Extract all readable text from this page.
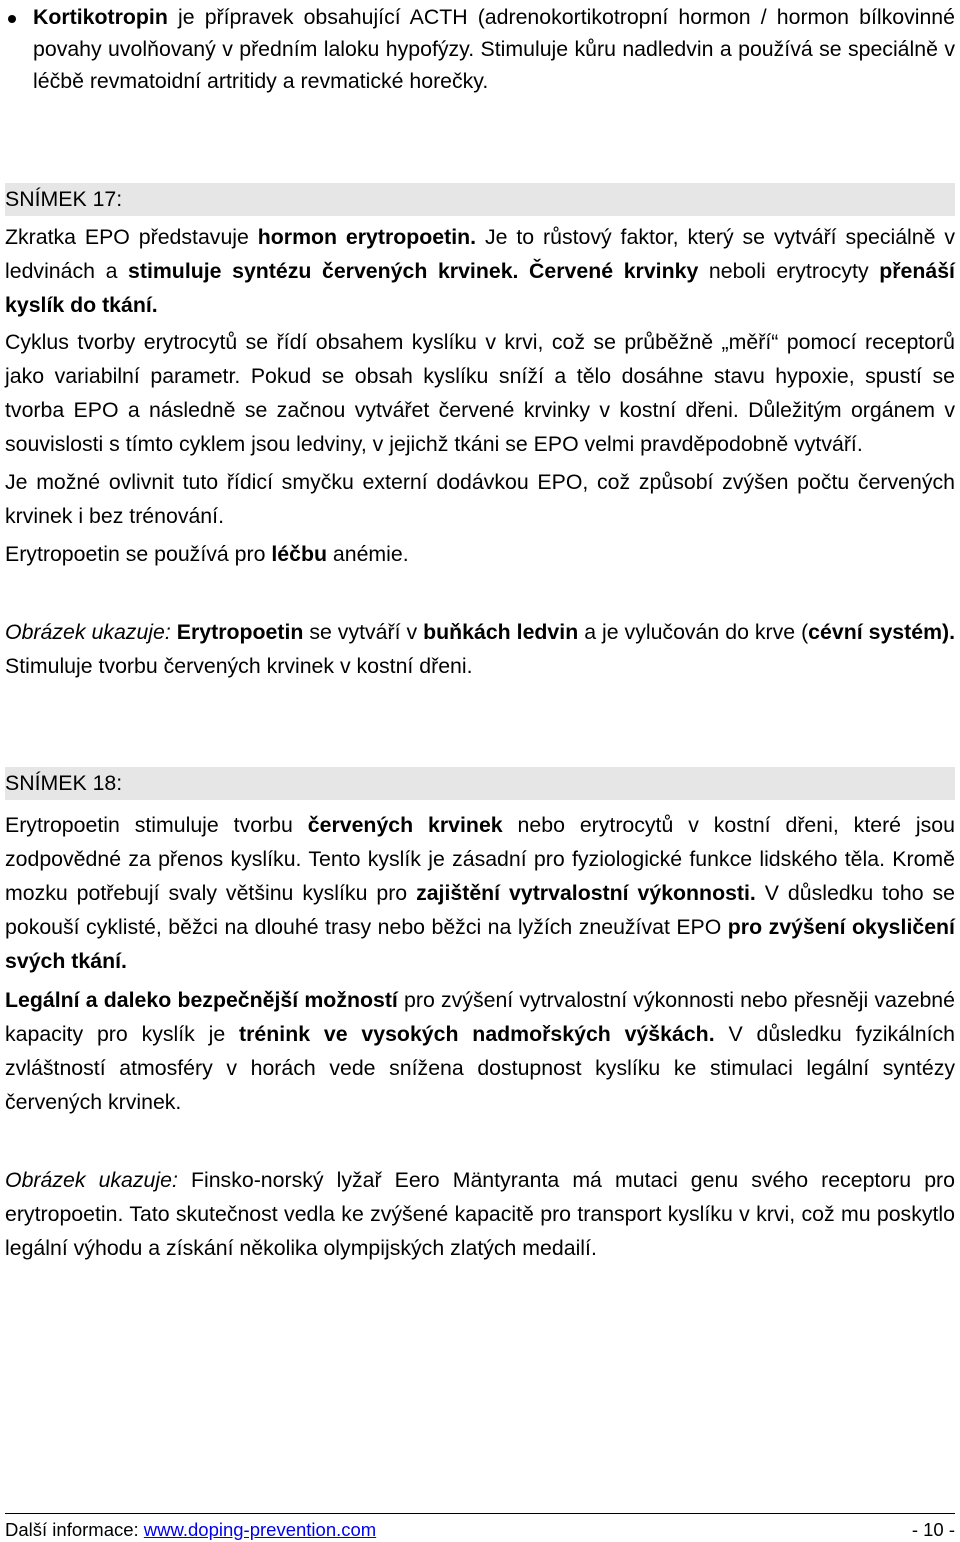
Kortikotropin je přípravek obsahující ACTH (adrenokortikotropní hormon / hormon bílkovinné povahy uvolňovaný v předním laloku hypofýzy. Stimuluje kůru nadledvin a používá se speciálně v léčbě revmatoidní artritidy a revmatické horečky.

SNÍMEK 17:

Zkratka EPO představuje hormon erytropoetin. Je to růstový faktor, který se vytváří speciálně v ledvinách a stimuluje syntézu červených krvinek. Červené krvinky neboli erytrocyty přenáší kyslík do tkání.

Cyklus tvorby erytrocytů se řídí obsahem kyslíku v krvi, což se průběžně „měří“ pomocí receptorů jako variabilní parametr. Pokud se obsah kyslíku sníží a tělo dosáhne stavu hypoxie, spustí se tvorba EPO a následně se začnou vytvářet červené krvinky v kostní dřeni. Důležitým orgánem v souvislosti s tímto cyklem jsou ledviny, v jejichž tkáni se EPO velmi pravděpodobně vytváří.

Je možné ovlivnit tuto řídicí smyčku externí dodávkou EPO, což způsobí zvýšen počtu červených krvinek i bez trénování.

Erytropoetin se používá pro léčbu anémie.

Obrázek ukazuje: Erytropoetin se vytváří v buňkách ledvin a je vylučován do krve (cévní systém). Stimuluje tvorbu červených krvinek v kostní dřeni.

SNÍMEK 18:

Erytropoetin stimuluje tvorbu červených krvinek nebo erytrocytů v kostní dřeni, které jsou zodpovědné za přenos kyslíku. Tento kyslík je zásadní pro fyziologické funkce lidského těla. Kromě mozku potřebují svaly většinu kyslíku pro zajištění vytrvalostní výkonnosti. V důsledku toho se pokouší cyklisté, běžci na dlouhé trasy nebo běžci na lyžích zneužívat EPO pro zvýšení okysličení svých tkání.

Legální a daleko bezpečnější možností pro zvýšení vytrvalostní výkonnosti nebo přesněji vazebné kapacity pro kyslík je trénink ve vysokých nadmořských výškách. V důsledku fyzikálních zvláštností atmosféry v horách vede snížena dostupnost kyslíku ke stimulaci legální syntézy červených krvinek.

Obrázek ukazuje: Finsko-norský lyžař Eero Mäntyranta má mutaci genu svého receptoru pro erytropoetin. Tato skutečnost vedla ke zvýšené kapacitě pro transport kyslíku v krvi, což mu poskytlo legální výhodu a získání několika olympijských zlatých medailí.

Další informace: www.doping-prevention.com	- 10 -
